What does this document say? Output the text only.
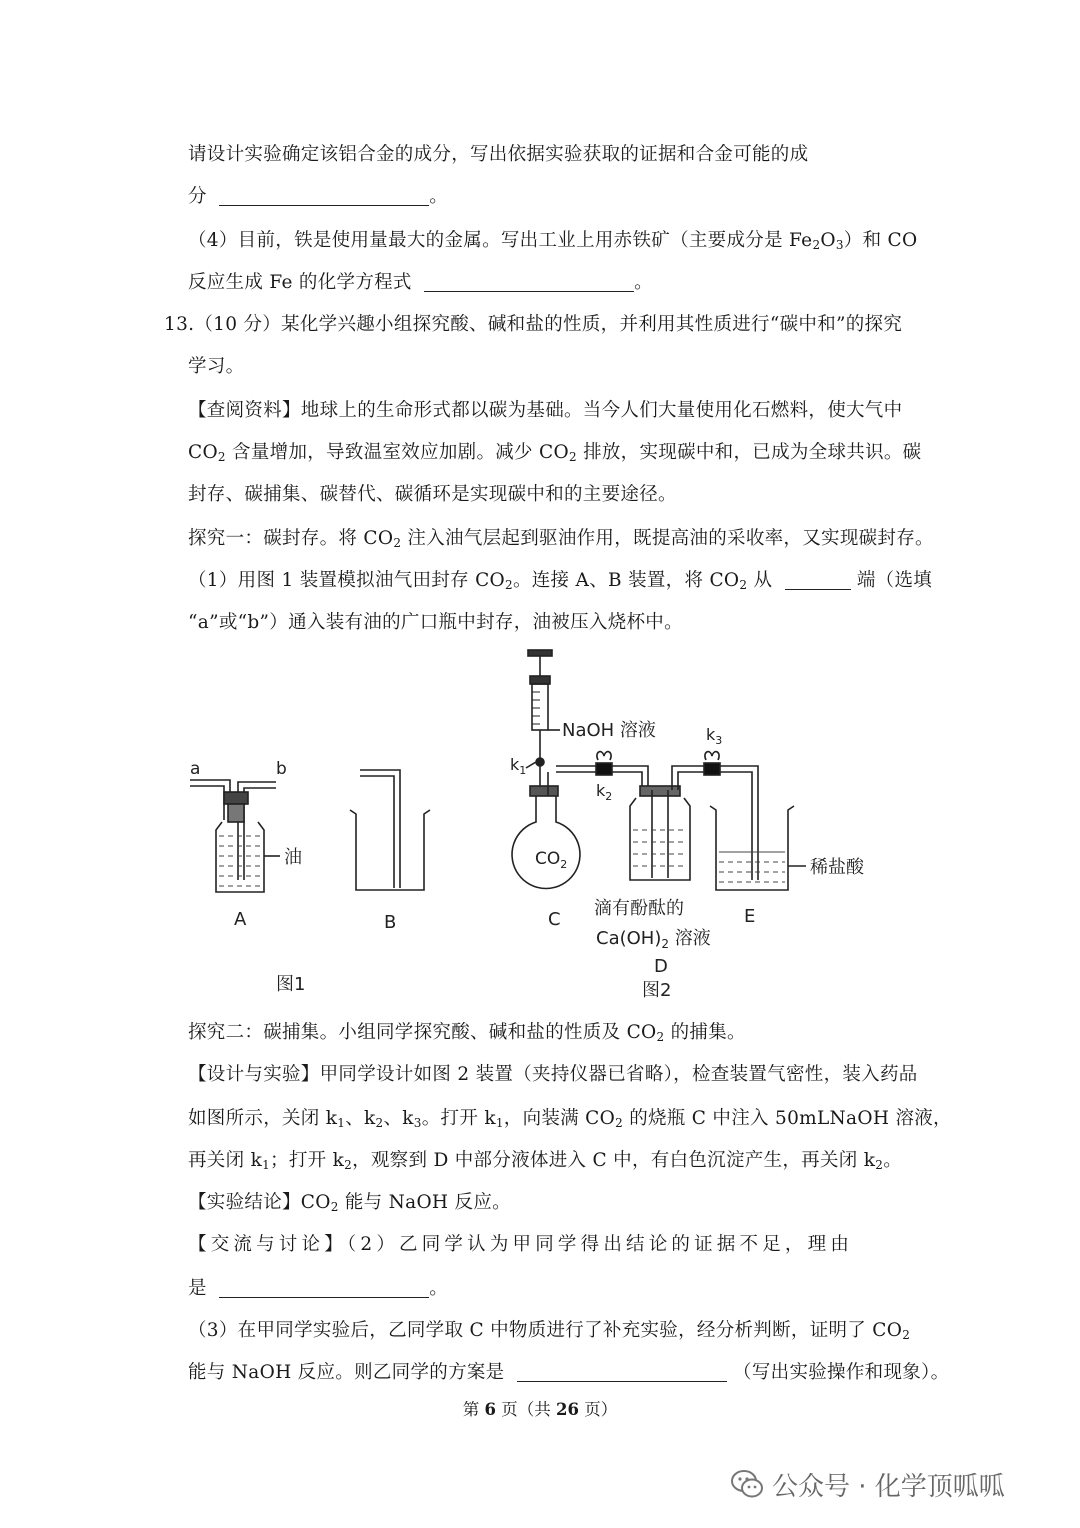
请设计实验确定该铝合金的成分，写出依据实验获取的证据和合金可能的成
分	。
（4）目前，铁是使用量最大的金属。写出工业上用赤铁矿（主要成分是 $Fe_2O_3$）和 CO
反应生成 Fe 的化学方程式	。
13.（10 分）某化学兴趣小组探究酸、碱和盐的性质，并利用其性质进行“碳中和”的探究
学习。
【查阅资料】地球上的生命形式都以碳为基础。当今人们大量使用化石燃料，使大气中
$CO_2$ 含量增加，导致温室效应加剧。减少 $CO_2$ 排放，实现碳中和，已成为全球共识。碳
封存、碳捕集、碳替代、碳循环是实现碳中和的主要途径。
探究一：碳封存。将 $CO_2$ 注入油气层起到驱油作用，既提高油的采收率，又实现碳封存。
（1）用图 1 装置模拟油气田封存 $CO_2$。连接 A、B 装置，将 $CO_2$ 从	端（选填
“a”或“b”）通入装有油的广口瓶中封存，油被压入烧杯中。
a	b
油
A	B
图1
NaOH 溶液
$k_1$
$k_2$
$k_3$
$CO_2$
C
滴有酚酞的
$Ca(OH)_2$ 溶液
D
E
稀盐酸
图2
探究二：碳捕集。小组同学探究酸、碱和盐的性质及 $CO_2$ 的捕集。
【设计与实验】甲同学设计如图 2 装置（夹持仪器已省略），检查装置气密性，装入药品
如图所示，关闭 $k_1$、$k_2$、$k_3$。打开 $k_1$，向装满 $CO_2$ 的烧瓶 C 中注入 50mLNaOH 溶液，
再关闭 $k_1$；打开 $k_2$，观察到 D 中部分液体进入 C 中，有白色沉淀产生，再关闭 $k_2$。
【实验结论】$CO_2$ 能与 NaOH 反应。
【交流与讨论】（2）乙同学认为甲同学得出结论的证据不足，理由
是	。
（3）在甲同学实验后，乙同学取 C 中物质进行了补充实验，经分析判断，证明了 $CO_2$
能与 NaOH 反应。则乙同学的方案是	（写出实验操作和现象）。
第 6 页（共 26 页）
公众号 · 化学顶呱呱
